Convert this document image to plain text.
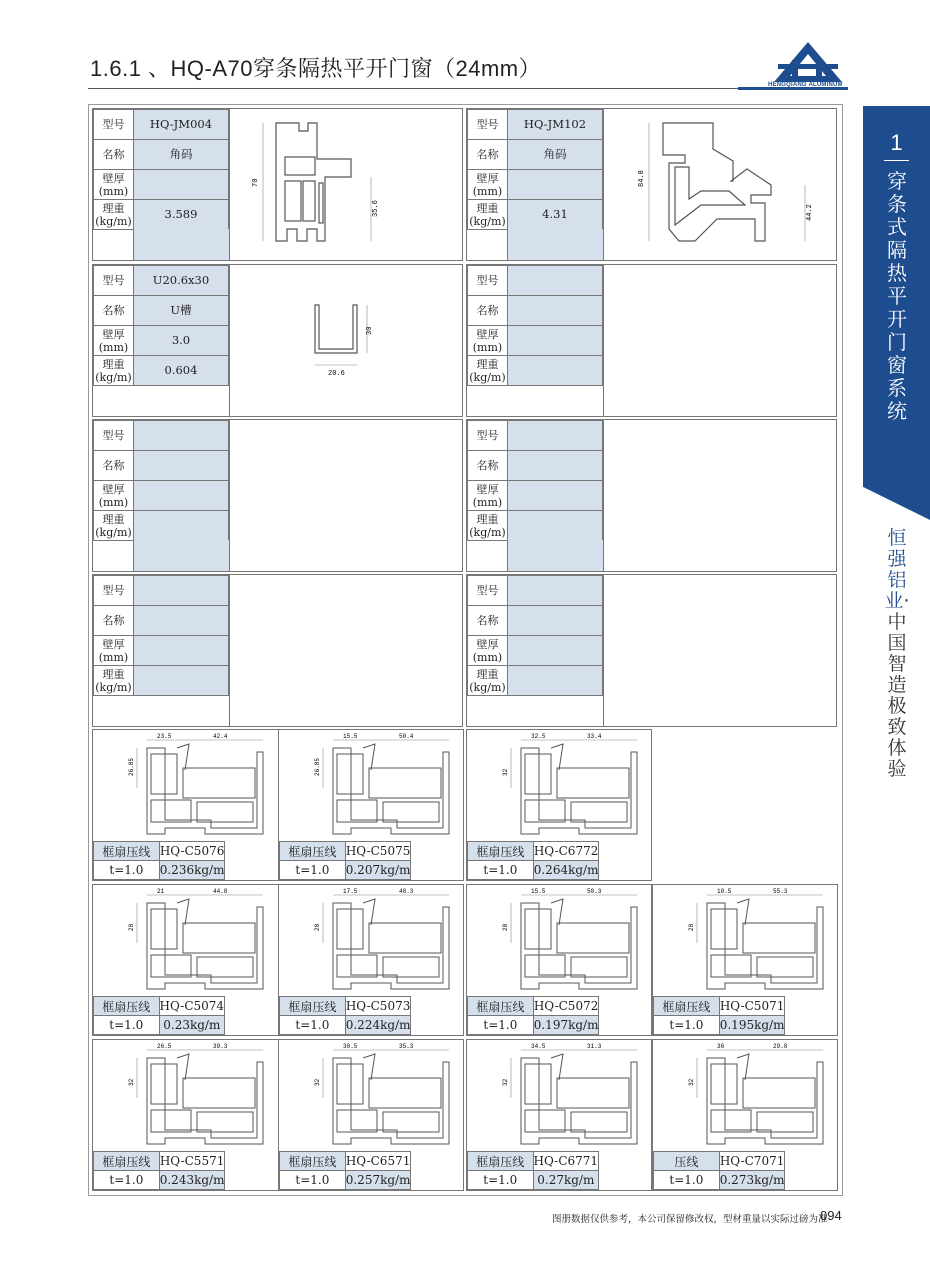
1.6.1 、HQ-A70穿条隔热平开门窗（24mm）
HENGQIANG ALUMINUM
1
穿条式隔热平开门窗系统
恒强铝业·中国智造 极致体验
型号	HQ-JM004
名称	角码
壁厚(mm)	
理重(kg/m)	3.589
70
35.6
型号	HQ-JM102
名称	角码
壁厚(mm)	
理重(kg/m)	4.31
84.8
44.2
型号	U20.6x30
名称	U槽
壁厚(mm)	3.0
理重(kg/m)	0.604
30
20.6
型号	
名称	
壁厚(mm)	
理重(kg/m)	
型号	
名称	
壁厚(mm)	
理重(kg/m)	
型号	
名称	
壁厚(mm)	
理重(kg/m)	
型号	
名称	
壁厚(mm)	
理重(kg/m)	
型号	
名称	
壁厚(mm)	
理重(kg/m)	
23.5	42.4
26.85
框扇压线	HQ-C5076
t=1.0	0.236kg/m
15.5	50.4
26.85
框扇压线	HQ-C5075
t=1.0	0.207kg/m
32.5	33.4
32
框扇压线	HQ-C6772
t=1.0	0.264kg/m
21	44.8
28
框扇压线	HQ-C5074
t=1.0	0.23kg/m
17.5	48.3
28
框扇压线	HQ-C5073
t=1.0	0.224kg/m
15.5	50.3
28
框扇压线	HQ-C5072
t=1.0	0.197kg/m
10.5	55.3
28
框扇压线	HQ-C5071
t=1.0	0.195kg/m
26.5	39.3
32
框扇压线	HQ-C5571
t=1.0	0.243kg/m
30.5	35.3
32
框扇压线	HQ-C6571
t=1.0	0.257kg/m
34.5	31.3
32
框扇压线	HQ-C6771
t=1.0	0.27kg/m
36	29.8
32
压线	HQ-C7071
t=1.0	0.273kg/m
图册数据仅供参考，本公司保留修改权，型材重量以实际过磅为准
094
